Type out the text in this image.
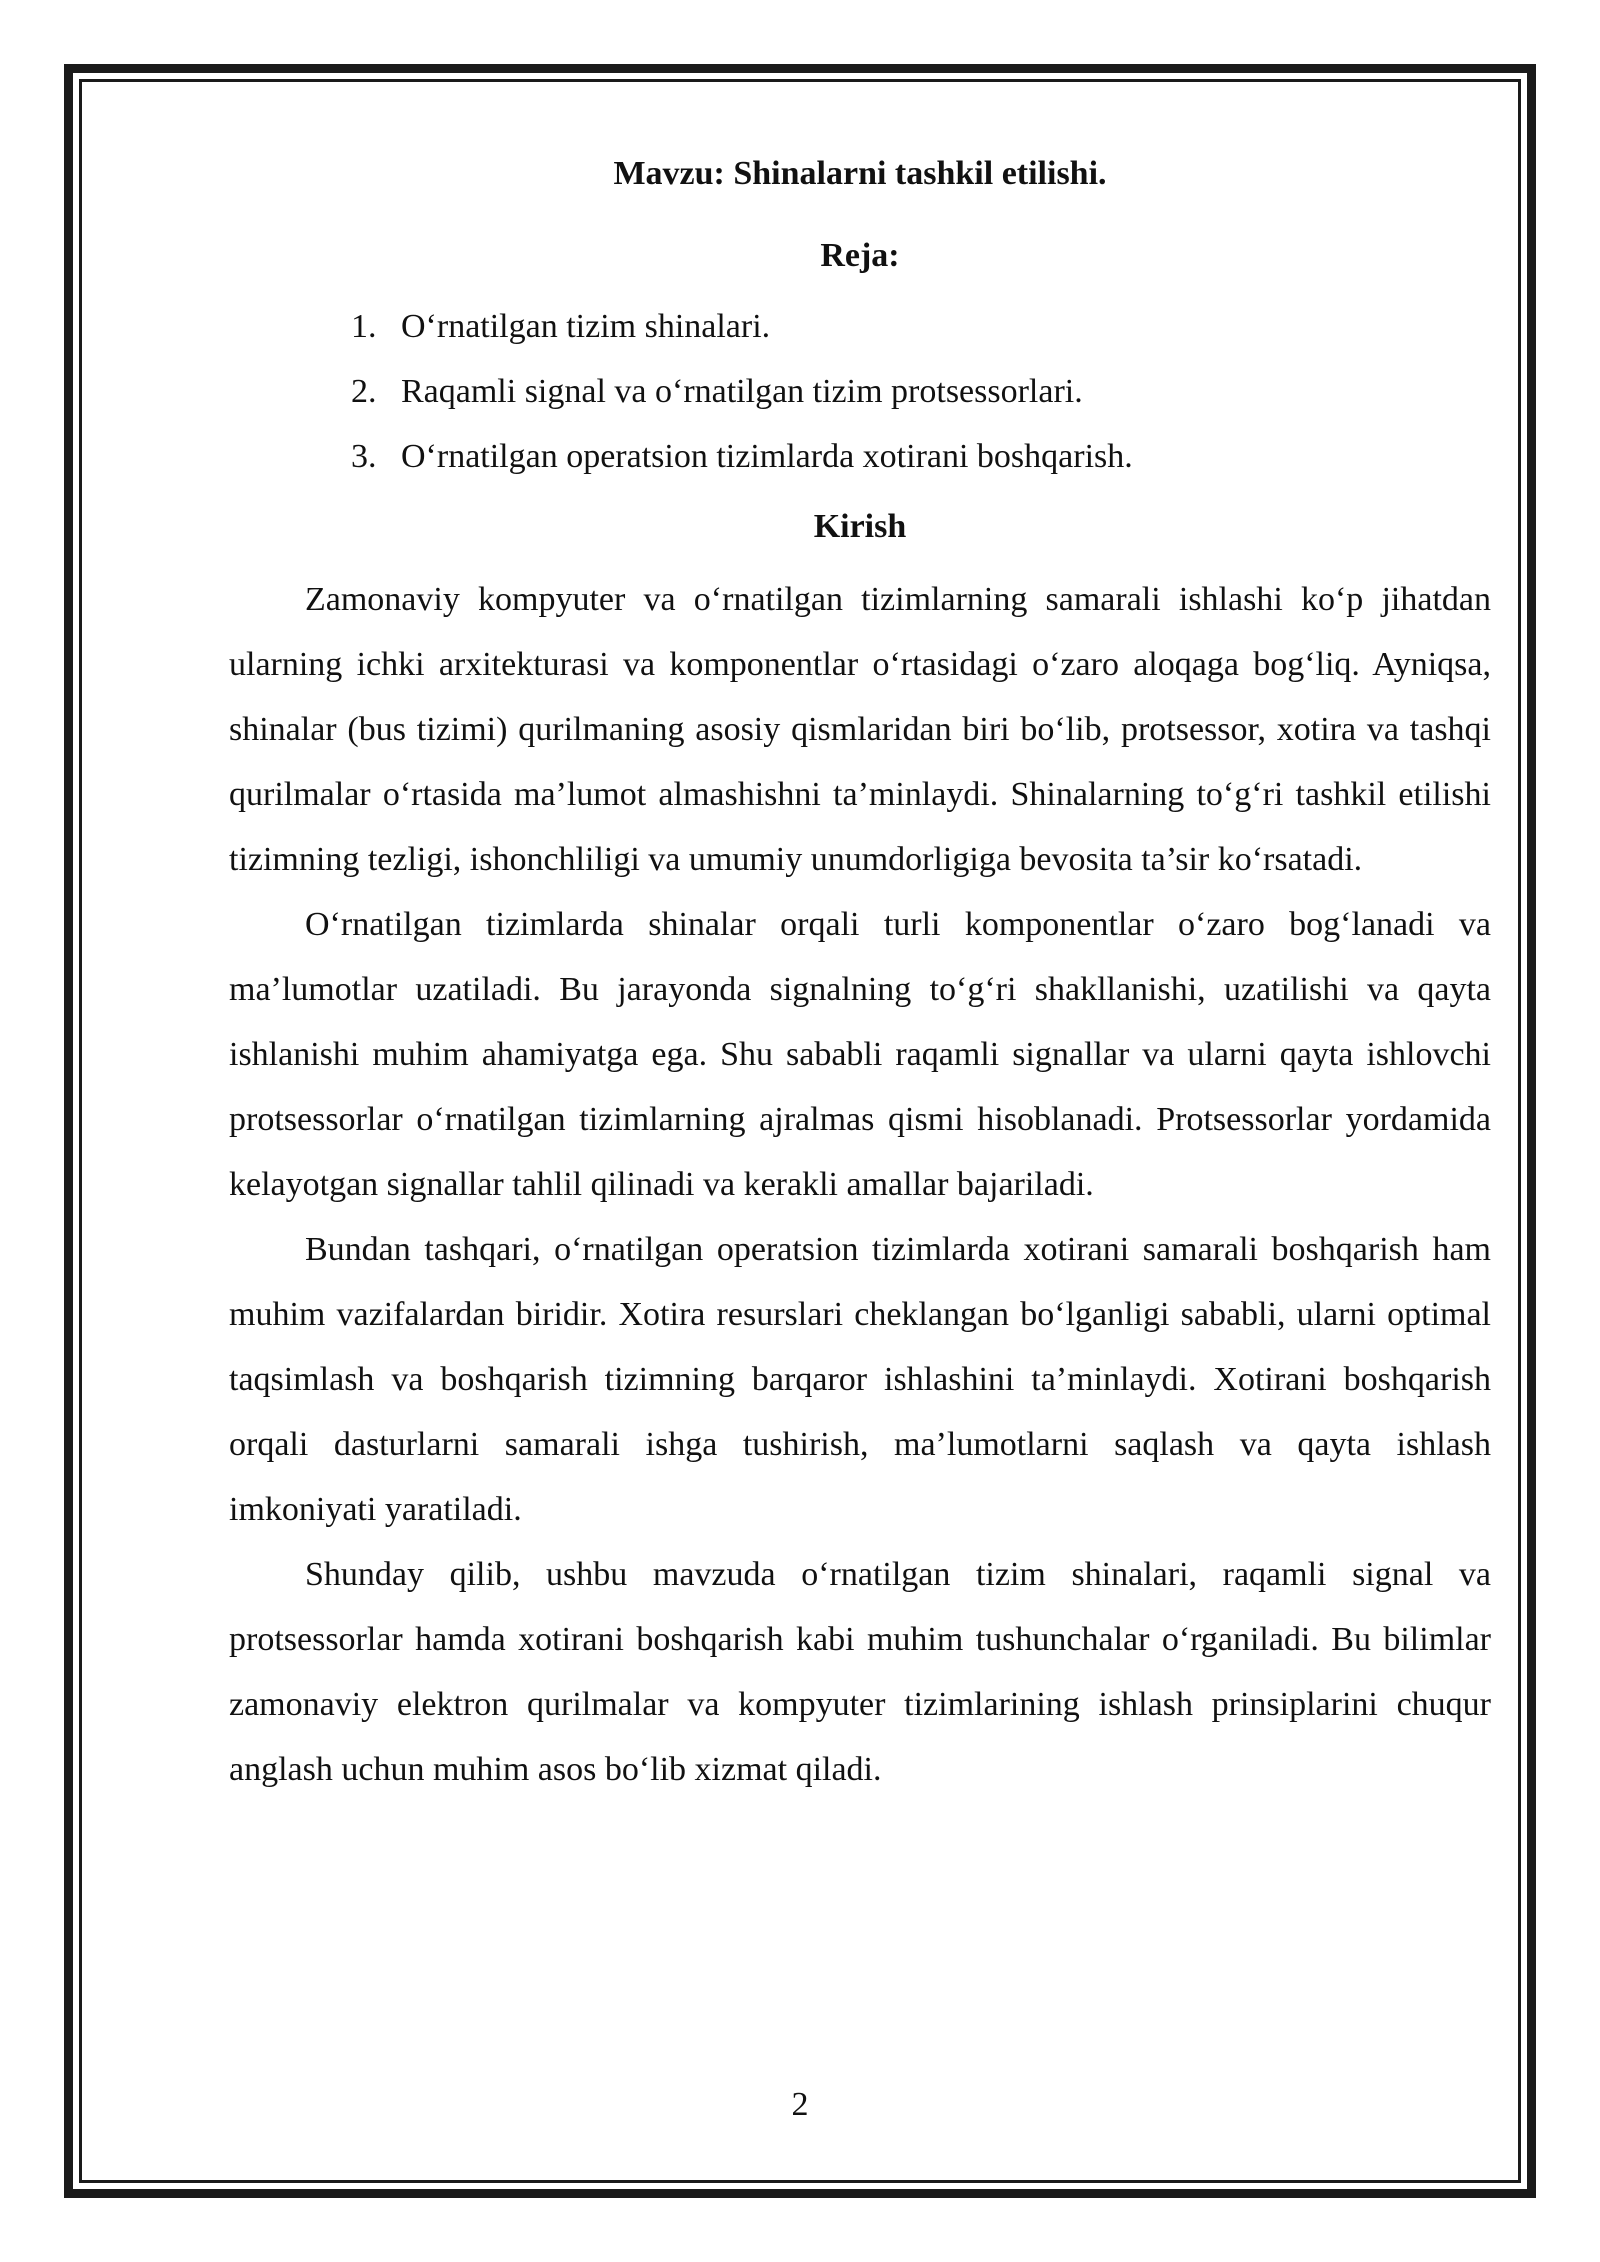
Mavzu: Shinalarni tashkil etilishi.
Reja:
1. O‘rnatilgan tizim shinalari.
2. Raqamli signal va o‘rnatilgan tizim protsessorlari.
3. O‘rnatilgan operatsion tizimlarda xotirani boshqarish.
Kirish

Zamonaviy kompyuter va o‘rnatilgan tizimlarning samarali ishlashi ko‘p jihatdan ularning ichki arxitekturasi va komponentlar o‘rtasidagi o‘zaro aloqaga bog‘liq. Ayniqsa, shinalar (bus tizimi) qurilmaning asosiy qismlaridan biri bo‘lib, protsessor, xotira va tashqi qurilmalar o‘rtasida ma’lumot almashishni ta’minlaydi. Shinalarning to‘g‘ri tashkil etilishi tizimning tezligi, ishonchliligi va umumiy unumdorligiga bevosita ta’sir ko‘rsatadi.

O‘rnatilgan tizimlarda shinalar orqali turli komponentlar o‘zaro bog‘lanadi va ma’lumotlar uzatiladi. Bu jarayonda signalning to‘g‘ri shakllanishi, uzatilishi va qayta ishlanishi muhim ahamiyatga ega. Shu sababli raqamli signallar va ularni qayta ishlovchi protsessorlar o‘rnatilgan tizimlarning ajralmas qismi hisoblanadi. Protsessorlar yordamida kelayotgan signallar tahlil qilinadi va kerakli amallar bajariladi.

Bundan tashqari, o‘rnatilgan operatsion tizimlarda xotirani samarali boshqarish ham muhim vazifalardan biridir. Xotira resurslari cheklangan bo‘lganligi sababli, ularni optimal taqsimlash va boshqarish tizimning barqaror ishlashini ta’minlaydi. Xotirani boshqarish orqali dasturlarni samarali ishga tushirish, ma’lumotlarni saqlash va qayta ishlash imkoniyati yaratiladi.

Shunday qilib, ushbu mavzuda o‘rnatilgan tizim shinalari, raqamli signal va protsessorlar hamda xotirani boshqarish kabi muhim tushunchalar o‘rganiladi. Bu bilimlar zamonaviy elektron qurilmalar va kompyuter tizimlarining ishlash prinsiplarini chuqur anglash uchun muhim asos bo‘lib xizmat qiladi.

2
